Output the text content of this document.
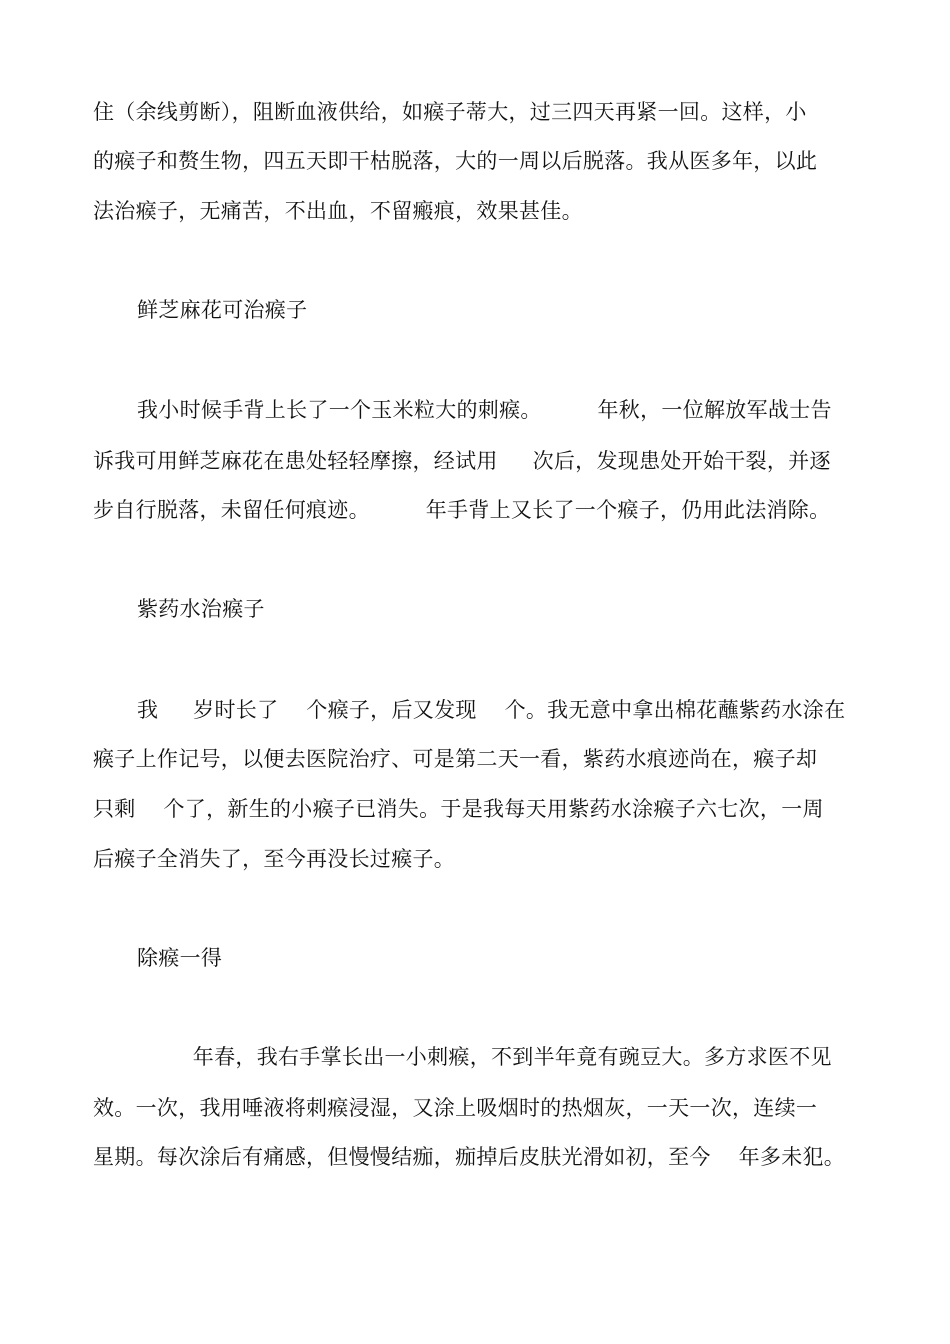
住（余线剪断），阻断血液供给，如瘊子蒂大，过三四天再紧一回。这样，小
的瘊子和赘生物，四五天即干枯脱落，大的一周以后脱落。我从医多年，以此
法治瘊子，无痛苦，不出血，不留瘢痕，效果甚佳。
鲜芝麻花可治瘊子
我小时候手背上长了一个玉米粒大的刺瘊。        年秋，一位解放军战士告
诉我可用鲜芝麻花在患处轻轻摩擦，经试用     次后，发现患处开始干裂，并逐
步自行脱落，未留任何痕迹。        年手背上又长了一个瘊子，仍用此法消除。
紫药水治瘊子
我     岁时长了    个瘊子，后又发现    个。我无意中拿出棉花蘸紫药水涂在
瘊子上作记号，以便去医院治疗、可是第二天一看，紫药水痕迹尚在，瘊子却
只剩    个了，新生的小瘊子已消失。于是我每天用紫药水涂瘊子六七次，一周
后瘊子全消失了，至今再没长过瘊子。
除瘊一得
年春，我右手掌长出一小刺瘊，不到半年竟有豌豆大。多方求医不见
效。一次，我用唾液将刺瘊浸湿，又涂上吸烟时的热烟灰，一天一次，连续一
星期。每次涂后有痛感，但慢慢结痂，痂掉后皮肤光滑如初，至今    年多未犯。
